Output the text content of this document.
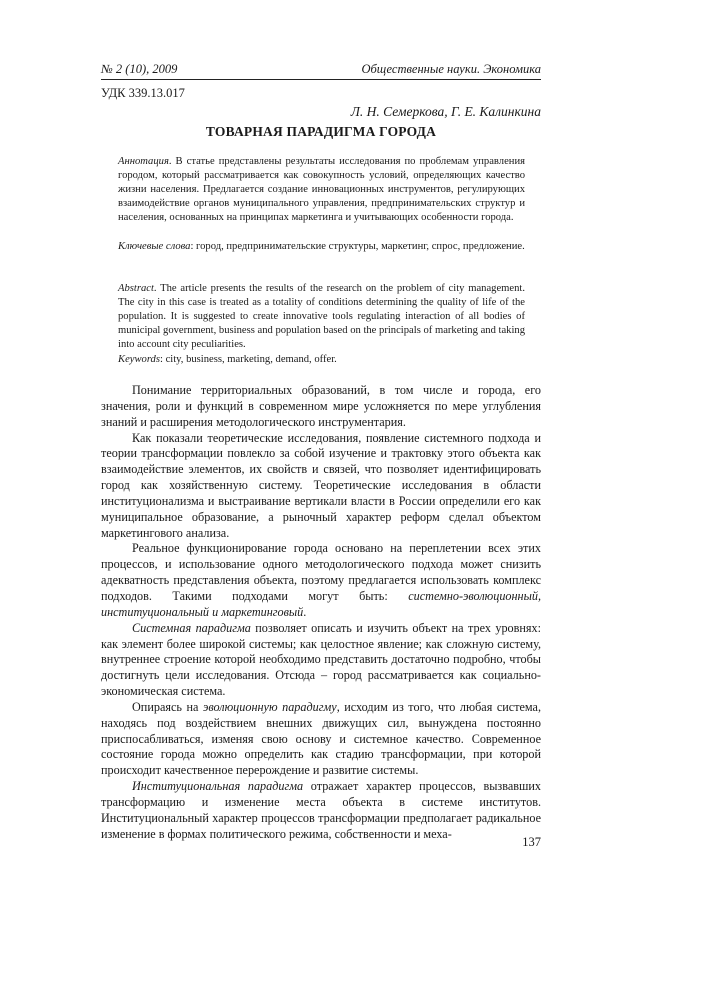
№ 2 (10), 2009	Общественные науки. Экономика
УДК 339.13.017
Л. Н. Семеркова, Г. Е. Калинкина
ТОВАРНАЯ ПАРАДИГМА ГОРОДА
Аннотация. В статье представлены результаты исследования по проблемам управления городом, который рассматривается как совокупность условий, определяющих качество жизни населения. Предлагается создание инновационных инструментов, регулирующих взаимодействие органов муниципального управления, предпринимательских структур и населения, основанных на принципах маркетинга и учитывающих особенности города.
Ключевые слова: город, предпринимательские структуры, маркетинг, спрос, предложение.
Abstract. The article presents the results of the research on the problem of city management. The city in this case is treated as a totality of conditions determining the quality of life of the population. It is suggested to create innovative tools regulating interaction of all bodies of municipal government, business and population based on the principals of marketing and taking into account city peculiarities.
Keywords: city, business, marketing, demand, offer.

Понимание территориальных образований, в том числе и города, его значения, роли и функций в современном мире усложняется по мере углубления знаний и расширения методологического инструментария.

Как показали теоретические исследования, появление системного подхода и теории трансформации повлекло за собой изучение и трактовку этого объекта как взаимодействие элементов, их свойств и связей, что позволяет идентифицировать город как хозяйственную систему. Теоретические исследования в области институционализма и выстраивание вертикали власти в России определили его как муниципальное образование, а рыночный характер реформ сделал объектом маркетингового анализа.

Реальное функционирование города основано на переплетении всех этих процессов, и использование одного методологического подхода может снизить адекватность представления объекта, поэтому предлагается использовать комплекс подходов. Такими подходами могут быть: системно-эволюционный, институциональный и маркетинговый.

Системная парадигма позволяет описать и изучить объект на трех уровнях: как элемент более широкой системы; как целостное явление; как сложную систему, внутреннее строение которой необходимо представить достаточно подробно, чтобы достигнуть цели исследования. Отсюда – город рассматривается как социально-экономическая система.

Опираясь на эволюционную парадигму, исходим из того, что любая система, находясь под воздействием внешних движущих сил, вынуждена постоянно приспосабливаться, изменяя свою основу и системное качество. Современное состояние города можно определить как стадию трансформации, при которой происходит качественное перерождение и развитие системы.

Институциональная парадигма отражает характер процессов, вызвавших трансформацию и изменение места объекта в системе институтов. Институциональный характер процессов трансформации предполагает радикальное изменение в формах политического режима, собственности и меха-

137
